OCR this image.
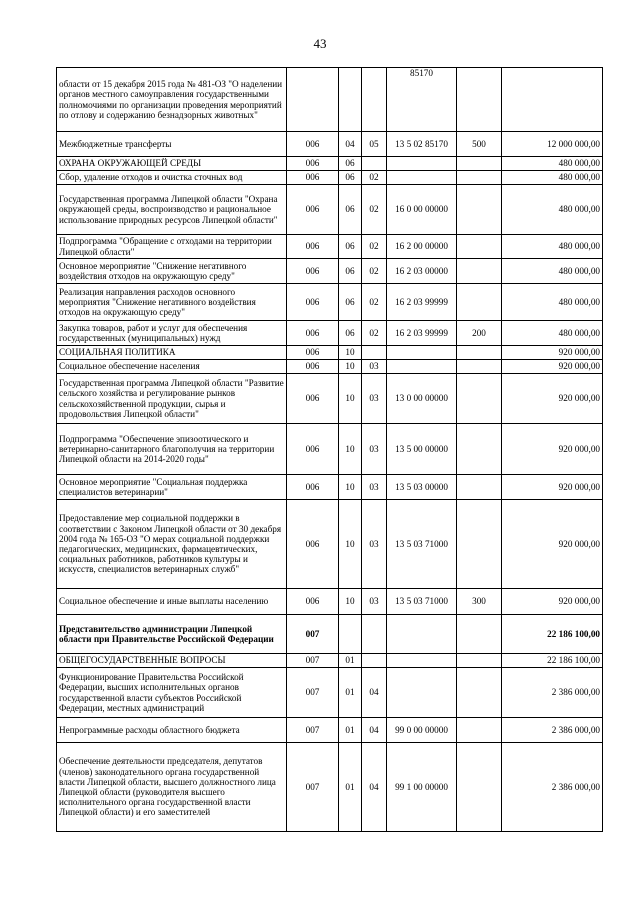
43
области от 15 декабря 2015 года № 481-ОЗ "О наделении органов местного самоуправления государственными полномочиями по организации проведения мероприятий по отлову и содержанию безнадзорных животных"				85170		
Межбюджетные трансферты	006	04	05	13 5 02 85170	500	12 000 000,00
ОХРАНА ОКРУЖАЮЩЕЙ СРЕДЫ	006	06				480 000,00
Сбор, удаление отходов и очистка сточных вод	006	06	02			480 000,00
Государственная программа Липецкой области "Охрана окружающей среды, воспроизводство и рациональное использование природных ресурсов Липецкой области"	006	06	02	16 0 00 00000		480 000,00
Подпрограмма "Обращение с отходами на территории Липецкой области"	006	06	02	16 2 00 00000		480 000,00
Основное мероприятие "Снижение негативного воздействия отходов на окружающую среду"	006	06	02	16 2 03 00000		480 000,00
Реализация направления расходов основного мероприятия "Снижение негативного воздействия отходов на окружающую среду"	006	06	02	16 2 03 99999		480 000,00
Закупка товаров, работ и услуг для обеспечения государственных (муниципальных) нужд	006	06	02	16 2 03 99999	200	480 000,00
СОЦИАЛЬНАЯ ПОЛИТИКА	006	10				920 000,00
Социальное обеспечение населения	006	10	03			920 000,00
Государственная программа Липецкой области "Развитие сельского хозяйства и регулирование рынков сельскохозяйственной продукции, сырья и продовольствия Липецкой области"	006	10	03	13 0 00 00000		920 000,00
Подпрограмма "Обеспечение эпизоотического и ветеринарно-санитарного благополучия на территории Липецкой области на 2014-2020 годы"	006	10	03	13 5 00 00000		920 000,00
Основное мероприятие "Социальная поддержка специалистов ветеринарии"	006	10	03	13 5 03 00000		920 000,00
Предоставление мер социальной поддержки в соответствии с Законом Липецкой области от 30 декабря 2004 года № 165-ОЗ "О мерах социальной поддержки педагогических, медицинских, фармацевтических, социальных работников, работников культуры и искусств, специалистов ветеринарных служб"	006	10	03	13 5 03 71000		920 000,00
Социальное обеспечение и иные выплаты населению	006	10	03	13 5 03 71000	300	920 000,00
Представительство администрации Липецкой области при Правительстве Российской Федерации	007					22 186 100,00
ОБЩЕГОСУДАРСТВЕННЫЕ ВОПРОСЫ	007	01				22 186 100,00
Функционирование Правительства Российской Федерации, высших исполнительных органов государственной власти субъектов Российской Федерации, местных администраций	007	01	04			2 386 000,00
Непрограммные расходы областного бюджета	007	01	04	99 0 00 00000		2 386 000,00
Обеспечение деятельности председателя, депутатов (членов) законодательного органа государственной власти Липецкой области, высшего должностного лица Липецкой области (руководителя высшего исполнительного органа государственной власти Липецкой области) и его заместителей	007	01	04	99 1 00 00000		2 386 000,00
